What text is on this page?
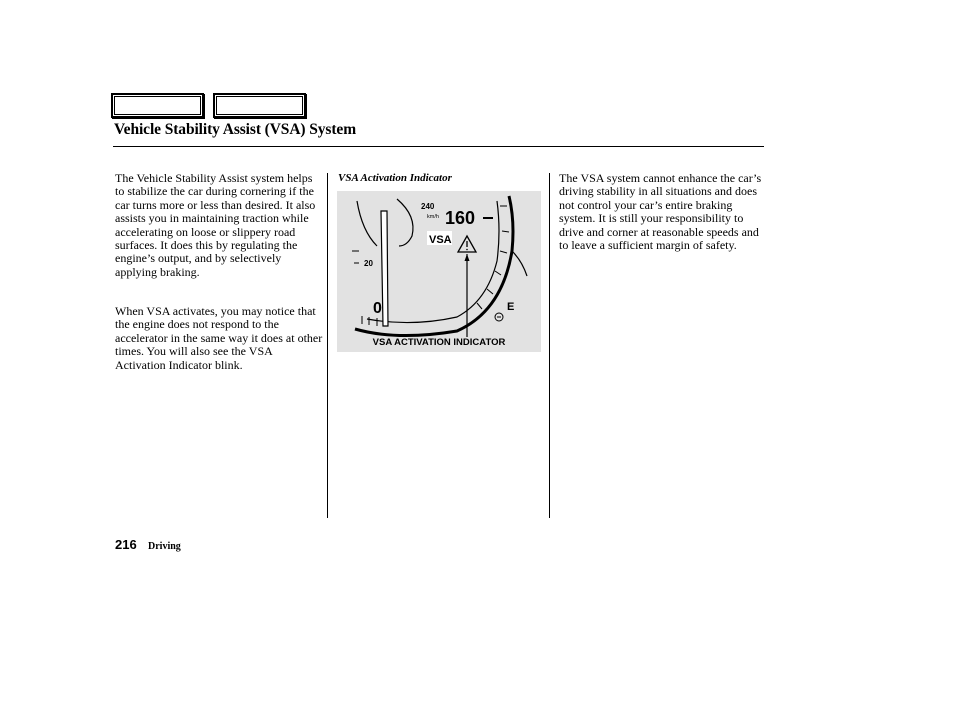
Vehicle Stability Assist (VSA) System

The Vehicle Stability Assist system helps to stabilize the car during cornering if the car turns more or less than desired. It also assists you in maintaining traction while accelerating on loose or slippery road surfaces. It does this by regulating the engine’s output, and by selectively applying braking.

When VSA activates, you may notice that the engine does not respond to the accelerator in the same way it does at other times. You will also see the VSA Activation Indicator blink.

The VSA system cannot enhance the car’s driving stability in all situations and does not control your car’s entire braking system. It is still your responsibility to drive and corner at reasonable speeds and to leave a sufficient margin of safety.

VSA Activation Indicator
240
km/h 160
20
0	E
VSA
VSA ACTIVATION INDICATOR
216 Driving
